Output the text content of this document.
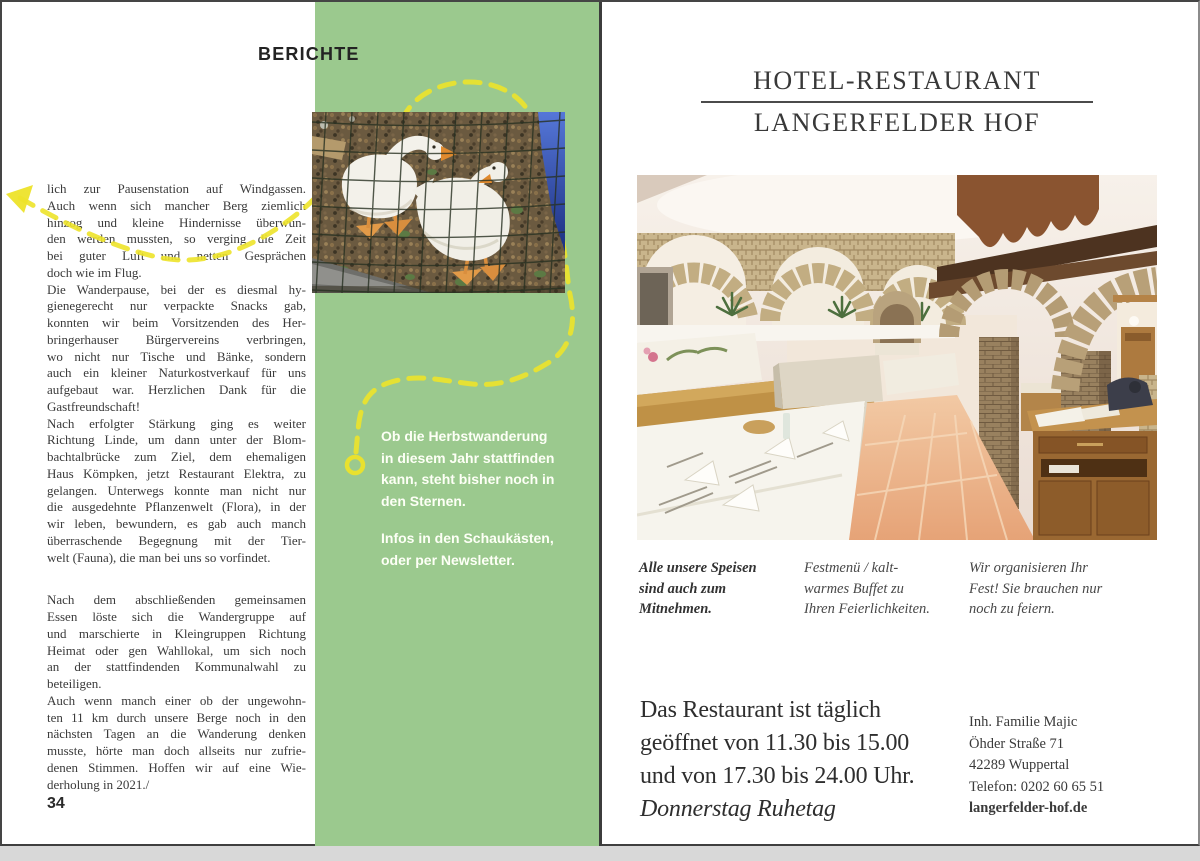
BERICHTE
lich zur Pausenstation auf Windgassen.
Auch wenn sich mancher Berg ziemlich
hinzog und kleine Hindernisse überwun-
den werden mussten, so verging die Zeit
bei guter Luft und netten Gesprächen
doch wie im Flug.
Die Wanderpause, bei der es diesmal hy-
gienegerecht nur verpackte Snacks gab,
konnten wir beim Vorsitzenden des Her-
bringerhauser Bürgervereins verbringen,
wo nicht nur Tische und Bänke, sondern
auch ein kleiner Naturkostverkauf für uns
aufgebaut war. Herzlichen Dank für die
Gastfreundschaft!
Nach erfolgter Stärkung ging es weiter
Richtung Linde, um dann unter der Blom-
bachtalbrücke zum Ziel, dem ehemaligen
Haus Kömpken, jetzt Restaurant Elektra, zu
gelangen. Unterwegs konnte man nicht nur
die ausgedehnte Pflanzenwelt (Flora), in der
wir leben, bewundern, es gab auch manch
überraschende Begegnung mit der Tier-
welt (Fauna), die man bei uns so vorfindet.
Nach dem abschließenden gemeinsamen
Essen löste sich die Wandergruppe auf
und marschierte in Kleingruppen Richtung
Heimat oder gen Wahllokal, um sich noch
an der stattfindenden Kommunalwahl zu
beteiligen.
Auch wenn manch einer ob der ungewohn-
ten 11 km durch unsere Berge noch in den
nächsten Tagen an die Wanderung denken
musste, hörte man doch allseits nur zufrie-
denen Stimmen. Hoffen wir auf eine Wie-
derholung in 2021./
34
Ob die Herbstwanderung
in diesem Jahr stattfinden
kann, steht bisher noch in
den Sternen.
Infos in den Schaukästen,
oder per Newsletter.
HOTEL-RESTAURANT
LANGERFELDER HOF
Alle unsere Speisen
sind auch zum
Mitnehmen.
Festmenü / kalt-
warmes Buffet zu
Ihren Feierlichkeiten.
Wir organisieren Ihr
Fest! Sie brauchen nur
noch zu feiern.
Das Restaurant ist täglich
geöffnet von 11.30 bis 15.00
und von 17.30 bis 24.00 Uhr.
Donnerstag Ruhetag
Inh. Familie Majic
Öhder Straße 71
42289 Wuppertal
Telefon: 0202 60 65 51
langerfelder-hof.de
